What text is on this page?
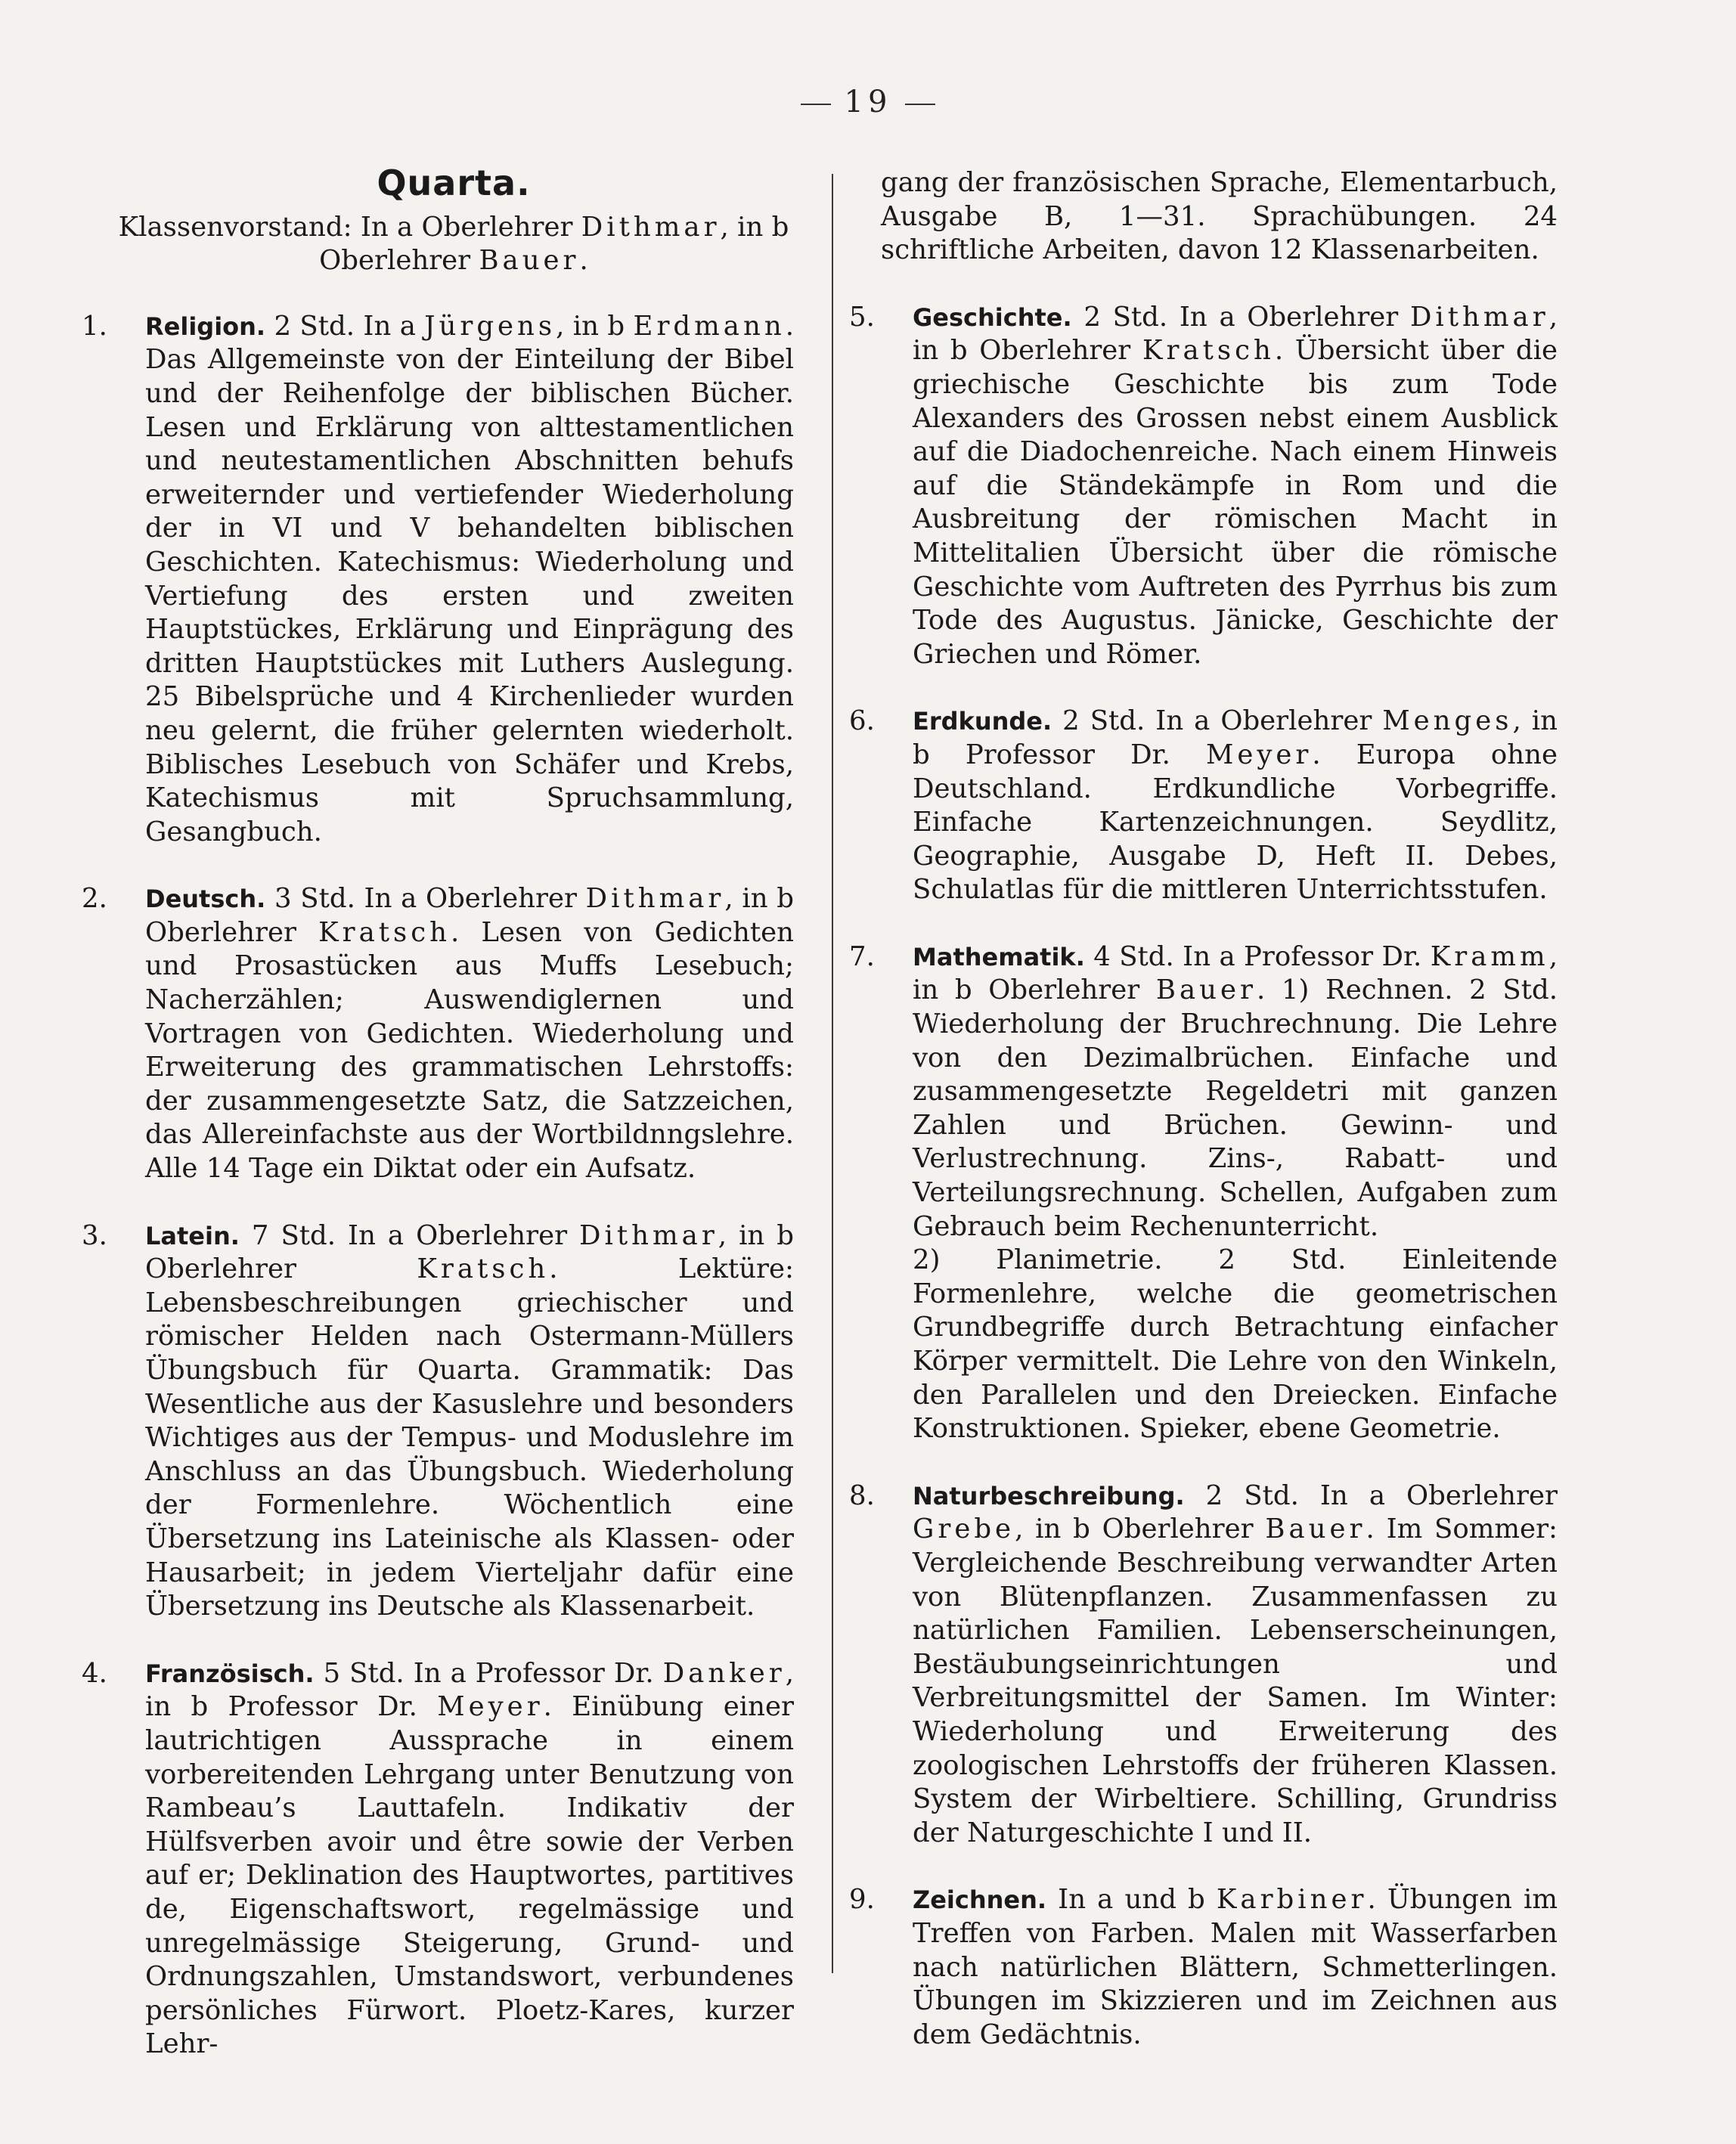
19
Quarta.
Klassenvorstand: In a Oberlehrer Dithmar, in b Oberlehrer Bauer.

1. Religion. 2 Std. In a Jürgens, in b Erdmann. Das Allgemeinste von der Einteilung der Bibel und der Reihenfolge der biblischen Bücher. Lesen und Erklärung von alttestamentlichen und neutestamentlichen Abschnitten behufs erweiternder und vertiefender Wiederholung der in VI und V behandelten biblischen Geschichten. Katechismus: Wiederholung und Vertiefung des ersten und zweiten Hauptstückes, Erklärung und Einprägung des dritten Hauptstückes mit Luthers Auslegung. 25 Bibelsprüche und 4 Kirchenlieder wurden neu gelernt, die früher gelernten wiederholt. Biblisches Lesebuch von Schäfer und Krebs, Katechismus mit Spruchsammlung, Gesangbuch.

2. Deutsch. 3 Std. In a Oberlehrer Dithmar, in b Oberlehrer Kratsch. Lesen von Gedichten und Prosastücken aus Muffs Lesebuch; Nacherzählen; Auswendiglernen und Vortragen von Gedichten. Wiederholung und Erweiterung des grammatischen Lehrstoffs: der zusammengesetzte Satz, die Satzzeichen, das Allereinfachste aus der Wortbildnngslehre. Alle 14 Tage ein Diktat oder ein Aufsatz.

3. Latein. 7 Std. In a Oberlehrer Dithmar, in b Oberlehrer Kratsch. Lektüre: Lebensbeschreibungen griechischer und römischer Helden nach Ostermann-Müllers Übungsbuch für Quarta. Grammatik: Das Wesentliche aus der Kasuslehre und besonders Wichtiges aus der Tempus- und Moduslehre im Anschluss an das Übungsbuch. Wiederholung der Formenlehre. Wöchentlich eine Übersetzung ins Lateinische als Klassen- oder Hausarbeit; in jedem Vierteljahr dafür eine Übersetzung ins Deutsche als Klassenarbeit.

4. Französisch. 5 Std. In a Professor Dr. Danker, in b Professor Dr. Meyer. Einübung einer lautrichtigen Aussprache in einem vorbereitenden Lehrgang unter Benutzung von Rambeau’s Lauttafeln. Indikativ der Hülfsverben avoir und être sowie der Verben auf er; Deklination des Hauptwortes, partitives de, Eigenschaftswort, regelmässige und unregelmässige Steigerung, Grund- und Ordnungszahlen, Umstandswort, verbundenes persönliches Fürwort. Ploetz-Kares, kurzer Lehr-

gang der französischen Sprache, Elementarbuch, Ausgabe B, 1—31. Sprachübungen. 24 schriftliche Arbeiten, davon 12 Klassenarbeiten.

5. Geschichte. 2 Std. In a Oberlehrer Dithmar, in b Oberlehrer Kratsch. Übersicht über die griechische Geschichte bis zum Tode Alexanders des Grossen nebst einem Ausblick auf die Diadochenreiche. Nach einem Hinweis auf die Ständekämpfe in Rom und die Ausbreitung der römischen Macht in Mittelitalien Übersicht über die römische Geschichte vom Auftreten des Pyrrhus bis zum Tode des Augustus. Jänicke, Geschichte der Griechen und Römer.

6. Erdkunde. 2 Std. In a Oberlehrer Menges, in b Professor Dr. Meyer. Europa ohne Deutschland. Erdkundliche Vorbegriffe. Einfache Kartenzeichnungen. Seydlitz, Geographie, Ausgabe D, Heft II. Debes, Schulatlas für die mittleren Unterrichtsstufen.

7. Mathematik. 4 Std. In a Professor Dr. Kramm, in b Oberlehrer Bauer. 1) Rechnen. 2 Std. Wiederholung der Bruchrechnung. Die Lehre von den Dezimalbrüchen. Einfache und zusammengesetzte Regeldetri mit ganzen Zahlen und Brüchen. Gewinn- und Verlustrechnung. Zins-, Rabatt- und Verteilungsrechnung. Schellen, Aufgaben zum Gebrauch beim Rechenunterricht.

2) Planimetrie. 2 Std. Einleitende Formenlehre, welche die geometrischen Grundbegriffe durch Betrachtung einfacher Körper vermittelt. Die Lehre von den Winkeln, den Parallelen und den Dreiecken. Einfache Konstruktionen. Spieker, ebene Geometrie.

8. Naturbeschreibung. 2 Std. In a Oberlehrer Grebe, in b Oberlehrer Bauer. Im Sommer: Vergleichende Beschreibung verwandter Arten von Blütenpflanzen. Zusammenfassen zu natürlichen Familien. Lebenserscheinungen, Bestäubungseinrichtungen und Verbreitungsmittel der Samen. Im Winter: Wiederholung und Erweiterung des zoologischen Lehrstoffs der früheren Klassen. System der Wirbeltiere. Schilling, Grundriss der Naturgeschichte I und II.

9. Zeichnen. In a und b Karbiner. Übungen im Treffen von Farben. Malen mit Wasserfarben nach natürlichen Blättern, Schmetterlingen. Übungen im Skizzieren und im Zeichnen aus dem Gedächtnis.
